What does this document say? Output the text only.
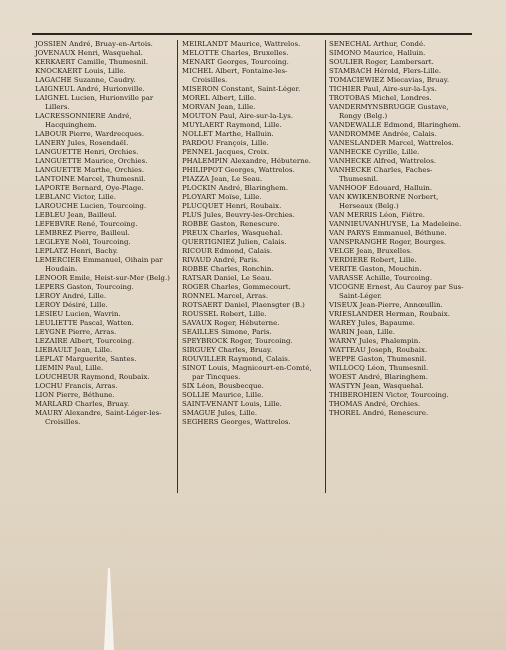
JOSSIEN André, Bruay-en-Artois.

JOVENAUX Henri, Wasquehal.

KERKAERT Camille, Thumesnil.

KNOCKAERT Louis, Lille.

LAGACHE Suzanne, Caudry.

LAIGNEUL André, Hurionville.

LAIGNEL Lucien, Hurionville par Lillers.

LACRESSONNIERE André, Hacquinghem.

LABOUR Pierre, Wardrecques.

LANERY Jules, Rosendaël.

LANGUETTE Henri, Orchies.

LANGUETTE Maurice, Orchies.

LANGUETTE Marthe, Orchies.

LANTOINE Marcel, Thumesnil.

LAPORTE Bernard, Oye-Plage.

LEBLANC Victor, Lille.

LAROUCHE Lucien, Tourcoing.

LEBLEU Jean, Bailleul.

LEFEBVRE René, Tourcoing.

LEMBREZ Pierre, Bailleul.

LEGLEYE Noël, Tourcoing.

LEPLATZ Henri, Bachy.

LEMERCIER Emmanuel, Oihain par Houdain.

LENOOR Emile, Heist-sur-Mer (Belg.)

LEPERS Gaston, Tourcoing.

LEROY André, Lille.

LEROY Désiré, Lille.

LESIEU Lucien, Wavrin.

LEULIETTE Pascal, Watten.

LEYGNE Pierre, Arras.

LEZAIRE Albert, Tourcoing.

LIEBAULT Jean, Lille.

LEPLAT Marguerite, Santes.

LIEMIN Paul, Lille.

LOUCHEUR Raymond, Roubaix.

LOCHU Francis, Arras.

LION Pierre, Béthune.

MARLARD Charles, Bruay.

MAURY Alexandre, Saint-Léger-les-Croisilles.

MEIRLANDT Maurice, Wattrelos.

MELOTTE Charles, Bruxelles.

MENART Georges, Tourcoing.

MICHEL Albert, Fontaine-les-Croisilles.

MISERON Constant, Saint-Léger.

MOREL Albert, Lille.

MORVAN Jean, Lille.

MOUTON Paul, Aire-sur-la-Lys.

MUYLAERT Raymond, Lille.

NOLLET Marthe, Halluin.

PARDOU François, Lille.

PENNEL Jacques, Croix.

PHALEMPIN Alexandre, Hébuterne.

PHILIPPOT Georges, Wattrelos.

PIAZZA Jean, Le Seau.

PLOCKIN André, Blaringhem.

PLOYART Moïse, Lille.

PLUCQUET Henri, Roubaix.

PLUS Jules, Beuvry-les-Orchies.

ROBBE Gaston, Renescure.

PREUX Charles, Wasquehal.

QUERTIGNIEZ Julien, Calais.

RICOUR Edmond, Calais.

RIVAUD André, Paris.

ROBBE Charles, Ronchin.

RATSAR Daniel, Le Seau.

ROGER Charles, Gommecourt.

RONNEL Marcel, Arras.

ROTSAERT Daniel, Plaensgter (B.)

ROUSSEL Robert, Lille.

SAVAUX Roger, Hébuterne.

SEAILLES Simone, Paris.

SPEYBROCK Roger, Tourcoing.

SIRGUEY Charles, Bruay.

ROUVILLER Raymond, Calais.

SINOT Louis, Magnicourt-en-Comté, par Tincques.

SIX Léon, Bousbecque.

SOLLIE Maurice, Lille.

SAINT-VENANT Louis, Lille.

SMAGUE Jules, Lille.

SEGHERS Georges, Wattrelos.

SENECHAL Arthur, Condé.

SIMONO Maurice, Halluin.

SOULIER Roger, Lambersart.

STAMBACH Hérold, Flers-Lille.

TOMACIEWIEZ Miecavias, Bruay.

TICHIER Paul, Aire-sur-la-Lys.

TROTOBAS Michel, Londres.

VANDERMYNSBRUGGE Gustave, Rongy (Belg.)

VANDEWALLE Edmond, Blaringhem.

VANDROMME Andrée, Calais.

VANESLANDER Marcel, Wattrelos.

VANHECKE Cyrille, Lille.

VANHECKE Alfred, Wattrelos.

VANHECKE Charles, Faches-Thumesnil.

VANHOOF Edouard, Halluin.

VAN KWIKENBORNE Norbert, Herseaux (Belg.)

VAN MERRIS Léon, Fiêtre.

VANNIEUVANHUYSE, La Madeleine.

VAN PARYS Emmanuel, Béthune.

VANSPRANGHE Roger, Bourges.

VELGE Jean, Bruxelles.

VERDIERE Robert, Lille.

VERITE Gaston, Mouchin.

VARASSE Achille, Tourcoing.

VICOGNE Ernest, Au Cauroy par Sus-Saint-Léger.

VISEUX Jean-Pierre, Annœullin.

VRIESLANDER Herman, Roubaix.

WAREY Jules, Bapaume.

WARIN Jean, Lille.

WARNY Jules, Phalempin.

WATTEAU Joseph, Roubaix.

WEPPE Gaston, Thumesnil.

WILLOCQ Léon, Thumesnil.

WOEST André, Blaringhem.

WASTYN Jean, Wasquehal.

THIBEROHIEN Victor, Tourcoing.

THOMAS André, Orchies.

THOREL André, Renescure.
